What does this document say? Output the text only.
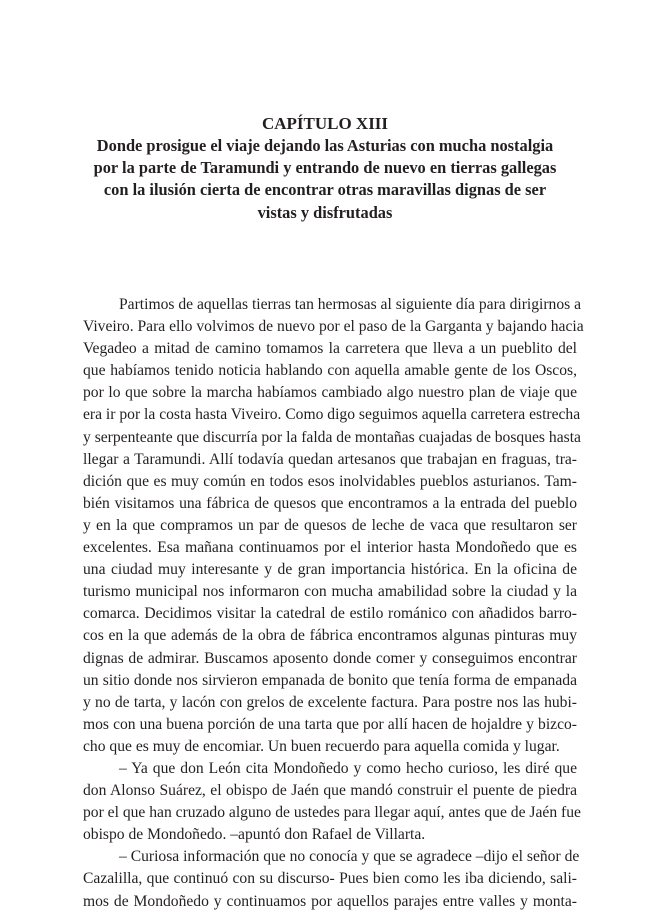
CAPÍTULO XIII
Donde prosigue el viaje dejando las Asturias con mucha nostalgia
por la parte de Taramundi y entrando de nuevo en tierras gallegas
con la ilusión cierta de encontrar otras maravillas dignas de ser
vistas y disfrutadas
Partimos de aquellas tierras tan hermosas al siguiente día para dirigirnos a
Viveiro. Para ello volvimos de nuevo por el paso de la Garganta y bajando hacia
Vegadeo a mitad de camino tomamos la carretera que lleva a un pueblito del
que habíamos tenido noticia hablando con aquella amable gente de los Oscos,
por lo que sobre la marcha habíamos cambiado algo nuestro plan de viaje que
era ir por la costa hasta Viveiro. Como digo seguimos aquella carretera estrecha
y serpenteante que discurría por la falda de montañas cuajadas de bosques hasta
llegar a Taramundi. Allí todavía quedan artesanos que trabajan en fraguas, tra-
dición que es muy común en todos esos inolvidables pueblos asturianos. Tam-
bién visitamos una fábrica de quesos que encontramos a la entrada del pueblo
y en la que compramos un par de quesos de leche de vaca que resultaron ser
excelentes. Esa mañana continuamos por el interior hasta Mondoñedo que es
una ciudad muy interesante y de gran importancia histórica. En la oficina de
turismo municipal nos informaron con mucha amabilidad sobre la ciudad y la
comarca. Decidimos visitar la catedral de estilo románico con añadidos barro-
cos en la que además de la obra de fábrica encontramos algunas pinturas muy
dignas de admirar. Buscamos aposento donde comer y conseguimos encontrar
un sitio donde nos sirvieron empanada de bonito que tenía forma de empanada
y no de tarta, y lacón con grelos de excelente factura. Para postre nos las hubi-
mos con una buena porción de una tarta que por allí hacen de hojaldre y bizco-
cho que es muy de encomiar. Un buen recuerdo para aquella comida y lugar.
– Ya que don León cita Mondoñedo y como hecho curioso, les diré que
don Alonso Suárez, el obispo de Jaén que mandó construir el puente de piedra
por el que han cruzado alguno de ustedes para llegar aquí, antes que de Jaén fue
obispo de Mondoñedo. –apuntó don Rafael de Villarta.
– Curiosa información que no conocía y que se agradece –dijo el señor de
Cazalilla, que continuó con su discurso- Pues bien como les iba diciendo, sali-
mos de Mondoñedo y continuamos por aquellos parajes entre valles y monta-
